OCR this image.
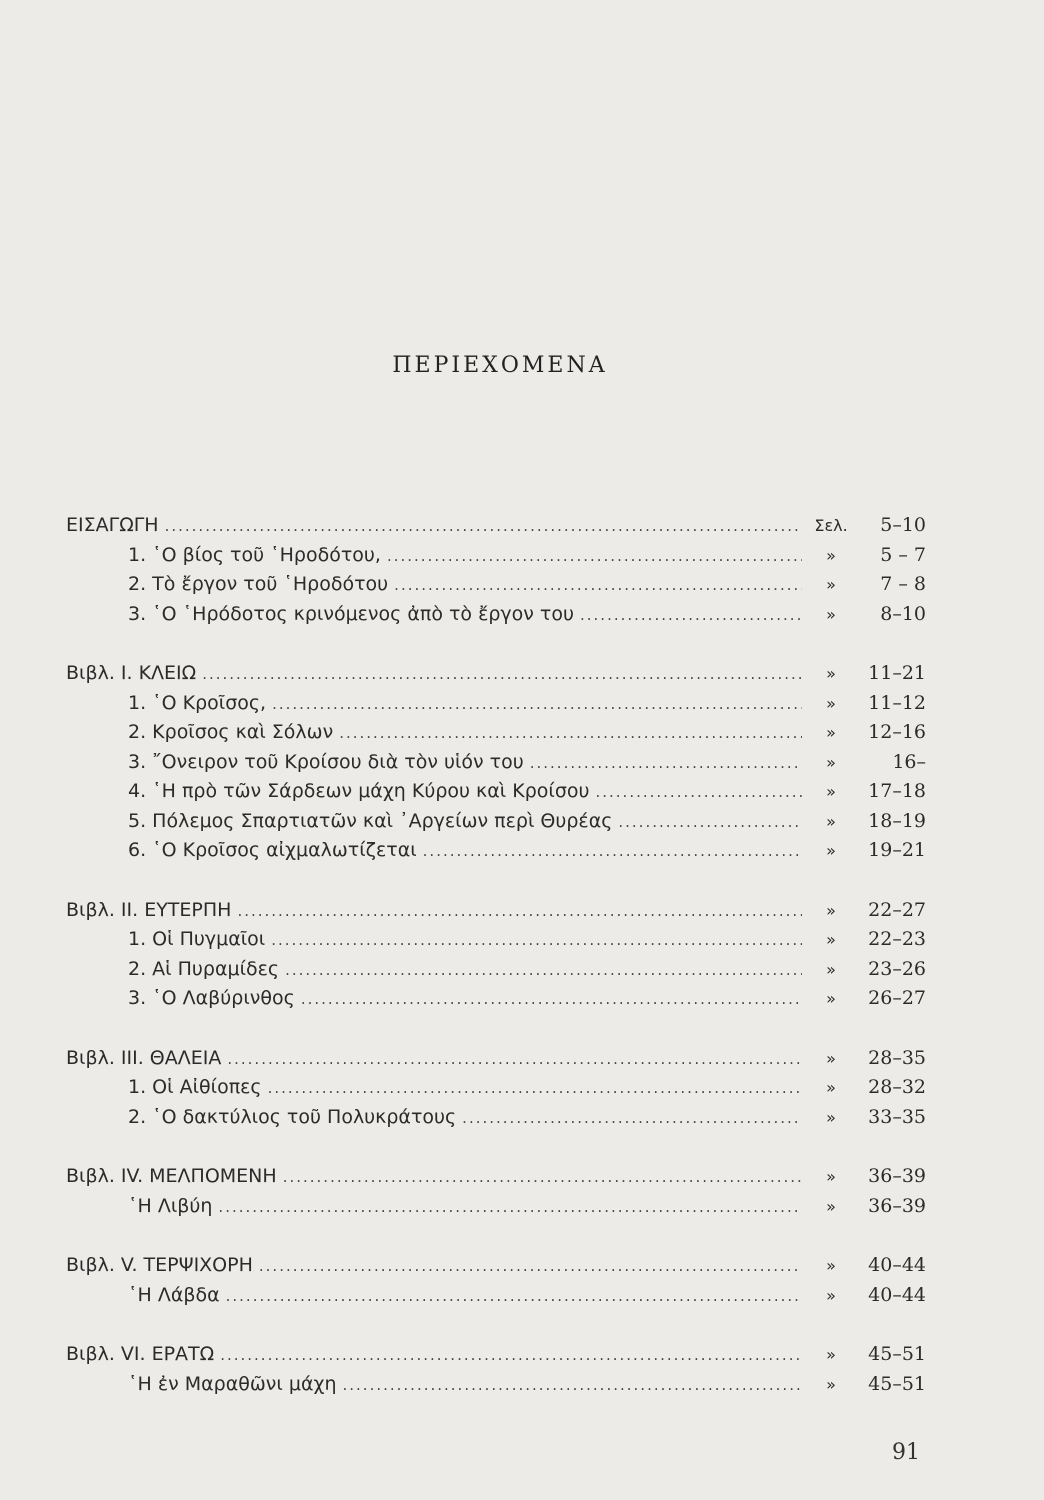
ΠΕΡΙΕΧΟΜΕΝΑ
ΕΙΣΑΓΩΓΗ .....	Σελ.	5–10
1. ῾Ο βίος τοῦ ῾Ηροδότου, .....	»	5 – 7
2. Τὸ ἔργον τοῦ ῾Ηροδότου .....	»	7 – 8
3. ῾Ο ῾Ηρόδοτος κρινόμενος ἀπὸ τὸ ἔργον του .....	»	8–10
Βιβλ. Ι. ΚΛΕΙΩ .....	»	11–21
1. ῾Ο Κροῖσος, .....	»	11–12
2. Κροῖσος καὶ Σόλων .....	»	12–16
3. ῎Ονειρον τοῦ Κροίσου διὰ τὸν υἱόν του .....	»	16–
4. ῾Η πρὸ τῶν Σάρδεων μάχη Κύρου καὶ Κροίσου .....	»	17–18
5. Πόλεμος Σπαρτιατῶν καὶ ᾿Αργείων περὶ Θυρέας .....	»	18–19
6. ῾Ο Κροῖσος αἰχμαλωτίζεται .....	»	19–21
Βιβλ. II. ΕΥΤΕΡΠΗ .....	»	22–27
1. Οἱ Πυγμαῖοι .....	»	22–23
2. Αἱ Πυραμίδες .....	»	23–26
3. ῾Ο Λαβύρινθος .....	»	26–27
Βιβλ. III. ΘΑΛΕΙΑ .....	»	28–35
1. Οἱ Αἰθίοπες .....	»	28–32
2. ῾Ο δακτύλιος τοῦ Πολυκράτους .....	»	33–35
Βιβλ. IV. ΜΕΛΠΟΜΕΝΗ .....	»	36–39
῾Η Λιβύη .....	»	36–39
Βιβλ. V. ΤΕΡΨΙΧΟΡΗ .....	»	40–44
῾Η Λάβδα .....	»	40–44
Βιβλ. VI. ΕΡΑΤΩ .....	»	45–51
῾Η ἐν Μαραθῶνι μάχη .....	»	45–51
91
